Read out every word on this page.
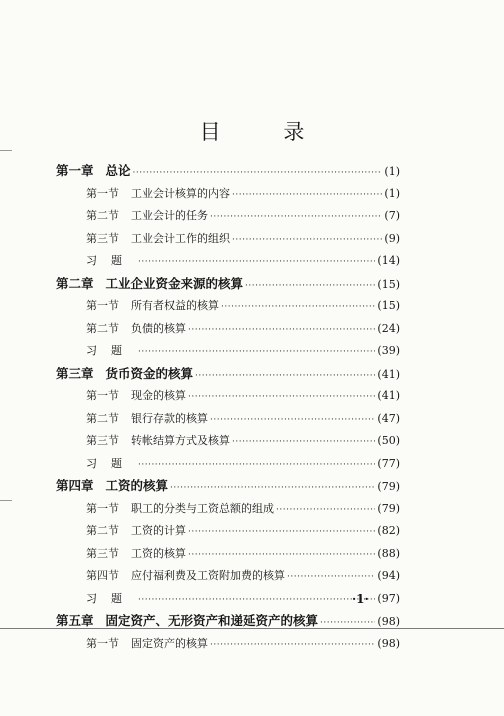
目 录
第一章 总论 ·····	(1)
第一节 工业会计核算的内容 ·····	(1)
第二节 工业会计的任务 ·····	(7)
第三节 工业会计工作的组织 ·····	(9)
习题 ·····	(14)
第二章 工业企业资金来源的核算 ·····	(15)
第一节 所有者权益的核算 ·····	(15)
第二节 负债的核算 ·····	(24)
习题 ·····	(39)
第三章 货币资金的核算 ·····	(41)
第一节 现金的核算 ·····	(41)
第二节 银行存款的核算 ·····	(47)
第三节 转帐结算方式及核算 ·····	(50)
习题 ·····	(77)
第四章 工资的核算 ·····	(79)
第一节 职工的分类与工资总额的组成 ·····	(79)
第二节 工资的计算 ·····	(82)
第三节 工资的核算 ·····	(88)
第四节 应付福利费及工资附加费的核算 ·····	(94)
习题 ·····	(97)
第五章 固定资产、无形资产和递延资产的核算 ·····	(98)
第一节 固定资产的核算 ·····	(98)
·1·
